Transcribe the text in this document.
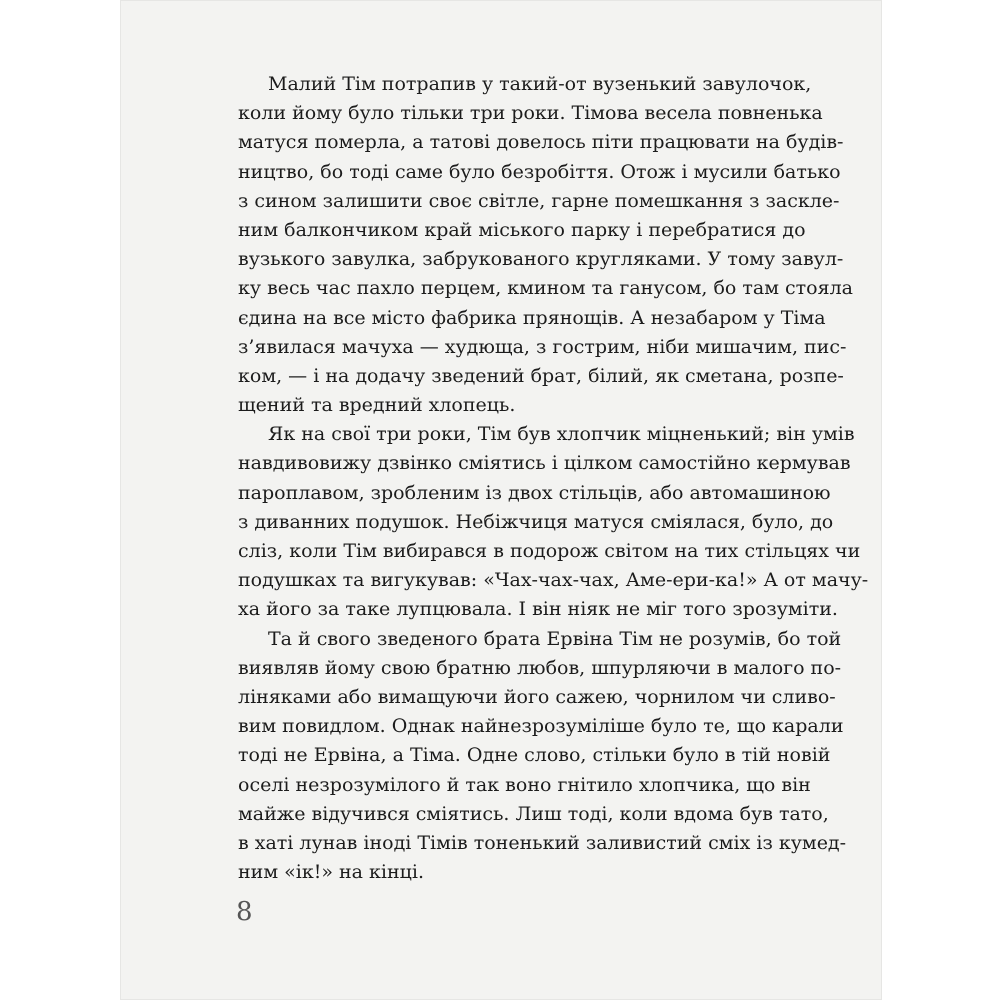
Малий Тім потрапив у такий-от вузенький завулочок,
коли йому було тільки три роки. Тімова весела повненька
матуся померла, а татові довелось піти працювати на будів-
ництво, бо тоді саме було безробіття. Отож і мусили батько
з сином залишити своє світле, гарне помешкання з заскле-
ним балкончиком край міського парку і перебратися до
вузького завулка, забрукованого кругляками. У тому завул-
ку весь час пахло перцем, кмином та ганусом, бо там стояла
єдина на все місто фабрика прянощів. А незабаром у Тіма
з’явилася мачуха — худюща, з гострим, ніби мишачим, пис-
ком, — і на додачу зведений брат, білий, як сметана, розпе-
щений та вредний хлопець.
Як на свої три роки, Тім був хлопчик міцненький; він умів
навдивовижу дзвінко сміятись і цілком самостійно кермував
пароплавом, зробленим із двох стільців, або автомашиною
з диванних подушок. Небіжчиця матуся сміялася, було, до
сліз, коли Тім вибирався в подорож світом на тих стільцях чи
подушках та вигукував: «Чах-чах-чах, Аме-ери-ка!» А от мачу-
ха його за таке лупцювала. І він ніяк не міг того зрозуміти.
Та й свого зведеного брата Ервіна Тім не розумів, бо той
виявляв йому свою братню любов, шпурляючи в малого по-
ліняками або вимащуючи його сажею, чорнилом чи сливо-
вим повидлом. Однак найнезрозуміліше було те, що карали
тоді не Ервіна, а Тіма. Одне слово, стільки було в тій новій
оселі незрозумілого й так воно гнітило хлопчика, що він
майже відучився сміятись. Лиш тоді, коли вдома був тато,
в хаті лунав іноді Тімів тоненький заливистий сміх із кумед-
ним «ік!» на кінці.
8
